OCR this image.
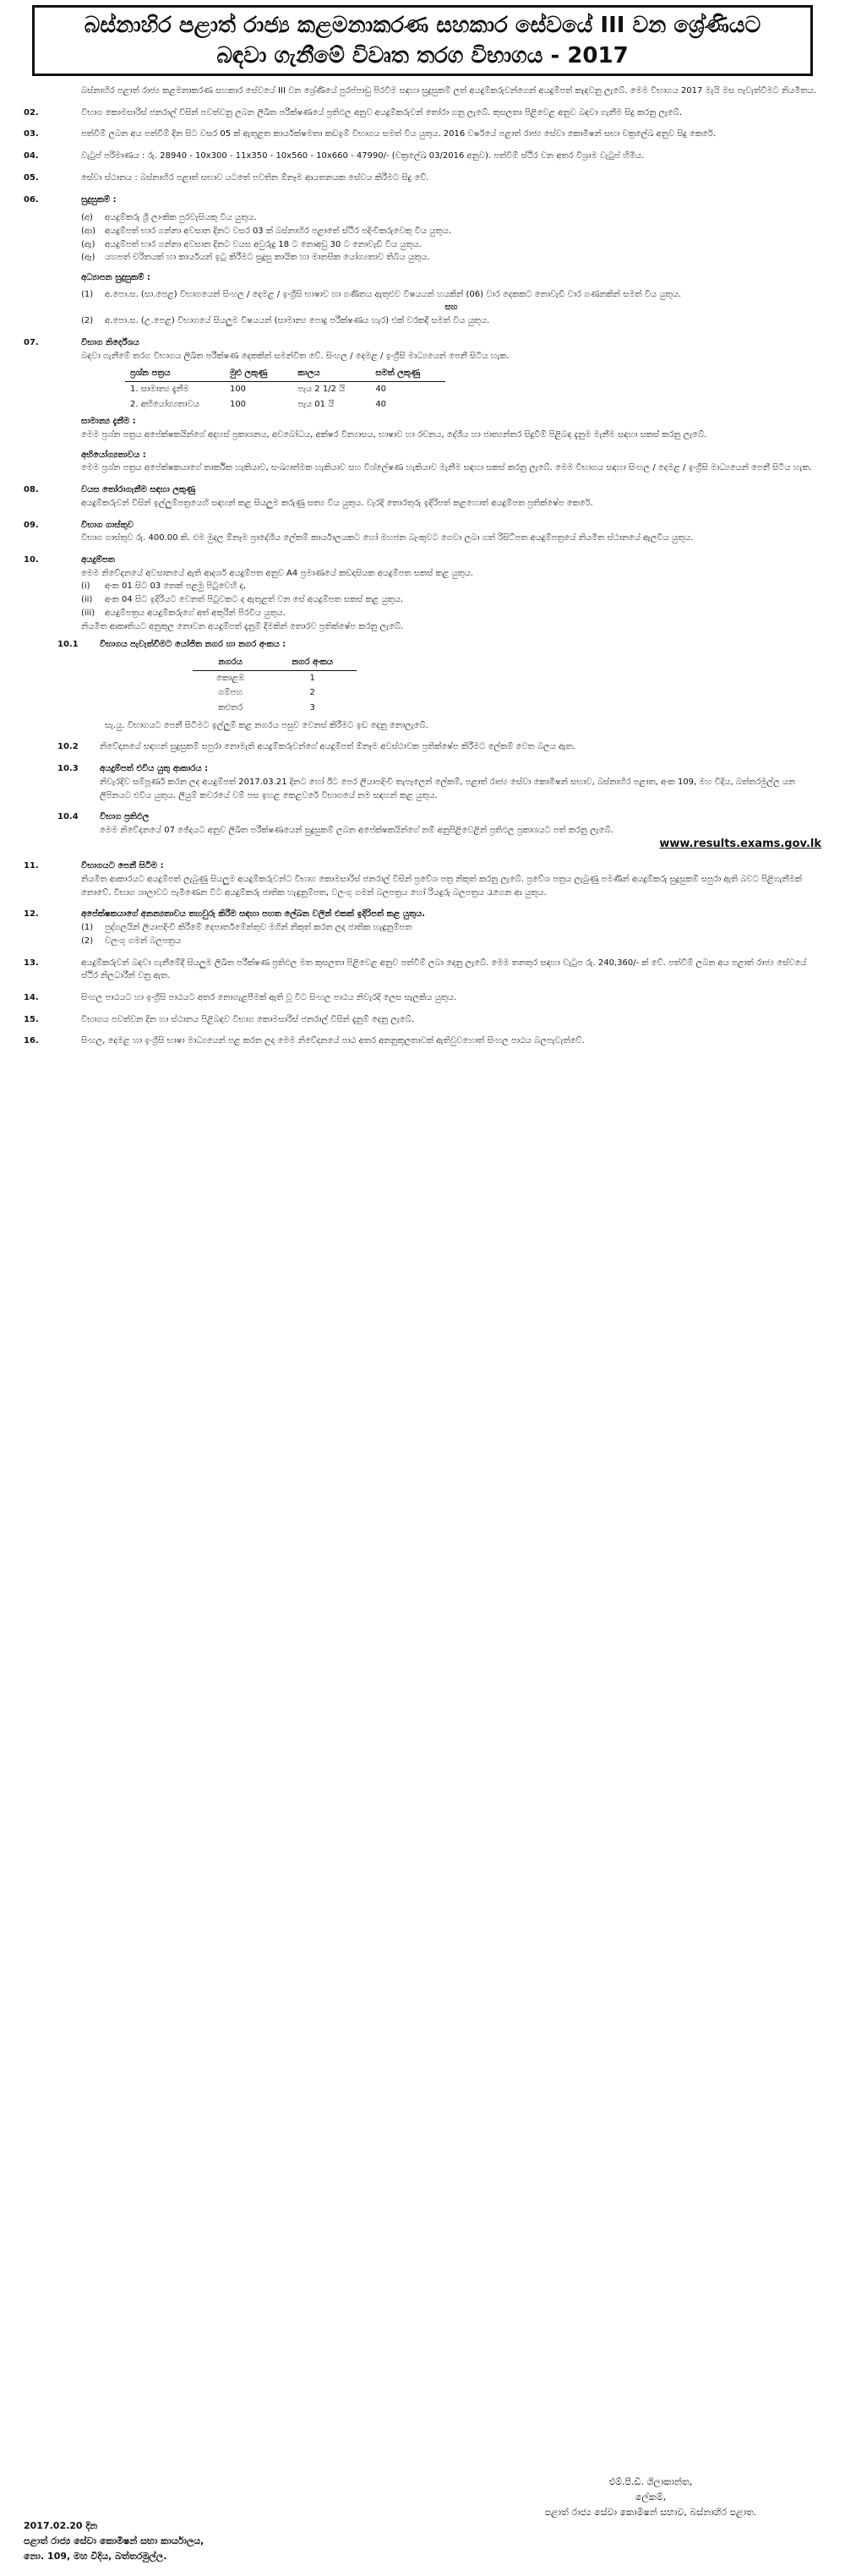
බස්නාහිර පළාත් රාජ්‍ය කළමනාකරණ සහකාර සේවයේ III වන ශ්‍රේණියට
බඳවා ගැනීමේ විවෘත තරග විභාගය - 2017

බස්නාහිර පළාත් රාජ්‍ය කළමනාකරණ සහකාර සේවයේ III වන ශ්‍රේණියේ පුරප්පාඩු පිරවීම සඳහා සුදුසුකම් ලත් අයදුම්කරුවන්ගෙන් අයදුම්පත් කැඳවනු ලැබේ. මෙම විභාගය 2017 මැයි මස පැවැත්වීමට නියමිතය.

02.	විභාග කොමසාරිස් ජනරාල් විසින් පවත්වනු ලබන ලිඛිත පරීක්ෂණයේ ප්‍රතිඵල අනුව අයදුම්කරුවන් තෝරා ගනු ලැබේ. කුසලතා පිළිවෙළ අනුව බඳවා ගැනීම සිදු කරනු ලැබේ.

03.	පත්වීම් ලබන අය පත්වීම් දින සිට වසර 05 ක් ඇතුළත කාර්යක්ෂමතා කඩඉම් විභාගය සමත් විය යුතුය. 2016 වර්ෂයේ පළාත් රාජ්‍ය සේවා කොමිෂන් සභා චක්‍රලේඛ අනුව සිදු කෙරේ.

04.	වැටුප් පරිමාණය : රු. 28940 - 10x300 - 11x350 - 10x560 - 10x660 - 47990/- (චක්‍රලේඛ 03/2016 අනුව). පත්වීම් ස්ථිර වන අතර විශ්‍රාම වැටුප් හිමිය.

05.	සේවා ස්ථානය : බස්නාහිර පළාත් සභාව යටතේ පවතින ඕනෑම ආයතනයක සේවය කිරීමට සිදු වේ.

06.	සුදුසුකම් :

(අ)	අයදුම්කරු ශ්‍රී ලාංකික පුරවැසියකු විය යුතුය.
(ආ)	අයදුම්පත් භාර ගන්නා අවසාන දිනට වසර 03 ක් බස්නාහිර පළාතේ ස්ථිර පදිංචිකරුවෙකු විය යුතුය.
(ඇ)	අයදුම්පත් භාර ගන්නා අවසාන දිනට වයස අවුරුදු 18 ට නොඅඩු 30 ට නොවැඩි විය යුතුය.
(ඈ)	යහපත් චරිතයක් හා කාර්යයන් ඉටු කිරීමට සුදුසු කායික හා මානසික යෝග්‍යතාව තිබිය යුතුය.

අධ්‍යාපන සුදුසුකම් :

(1)	අ.පො.ස. (සා.පෙළ) විභාගයෙන් සිංහල / දෙමළ / ඉංග්‍රීසි භාෂාව හා ගණිතය ඇතුළුව විෂයයන් හයකින් (06) වාර දෙකකට නොවැඩි වාර ගණනකින් සමත් විය යුතුය.
සහ
(2)	අ.පො.ස. (උ.පෙළ) විභාගයේ සියලුම විෂයයන් (සාමාන්‍ය පොදු පරීක්ෂණය හැර) එක් වරකදී සමත් විය යුතුය.
07.	විභාග නිර්දේශය

බඳවා ගැනීමේ තරග විභාගය ලිඛිත පරීක්ෂණ දෙකකින් සමන්විත වේ. සිංහල / දෙමළ / ඉංග්‍රීසි මාධ්‍යයෙන් පෙනී සිටිය හැක.

ප්‍රශ්න පත්‍රය	මුළු ලකුණු	කාලය	සමත් ලකුණු
1. සාමාන්‍ය දැනීම	100	පැය 2 1/2 යි	40
2. අභියෝග්‍යතාවය	100	පැය 01 යි	40

සාමාන්‍ය දැනීම :

මෙම ප්‍රශ්න පත්‍රය අපේක්ෂකයින්ගේ අදහස් ප්‍රකාශනය, අවබෝධය, අක්ෂර වින්‍යාසය, භාෂාව හා රචනය, දේශීය හා ජාත්‍යන්තර සිදුවීම් පිළිබඳ දැනුම මැනීම සඳහා සකස් කරනු ලැබේ.

අභියෝග්‍යතාවය :

මෙම ප්‍රශ්න පත්‍රය අපේක්ෂකයාගේ තාර්කික හැකියාව, සංඛ්‍යාත්මක හැකියාව සහ විශ්ලේෂණ හැකියාව මැනීම සඳහා සකස් කරනු ලැබේ. මෙම විභාගය සඳහා සිංහල / දෙමළ / ඉංග්‍රීසි මාධ්‍යයෙන් පෙනී සිටිය හැක.

08.	වයස තෝරාගැනීම සඳහා ලකුණු

අයදුම්කරුවන් විසින් ඉල්ලුම්පත්‍රයෙහි සඳහන් කළ සියලුම කරුණු සත්‍ය විය යුතුය. වැරදි තොරතුරු ඉදිරිපත් කළහොත් අයදුම්පත ප්‍රතික්ෂේප කෙරේ.

09.	විභාග ගාස්තුව

විභාග ගාස්තුව රු. 400.00 කි. එම මුදල ඕනෑම ප්‍රාදේශීය ලේකම් කාර්යාලයකට හෝ මහජන බැංකුවට ගෙවා ලබා ගත් රිසිට්පත අයදුම්පත්‍රයේ නියමිත ස්ථානයේ ඇලවිය යුතුය.

10.	අයදුම්පත

මෙම නිවේදනයේ අවසානයේ ඇති ආදර්ශ අයදුම්පත අනුව A4 ප්‍රමාණයේ කඩදාසියක අයදුම්පත සකස් කළ යුතුය.

(i)	අංක 01 සිට 03 තෙක් පළමු පිටුවෙහි ද,
(ii)	අංක 04 සිට ඉදිරියට වෙනත් පිටුවකට ද ඇතුළත් වන සේ අයදුම්පත සකස් කළ යුතුය.
(iii)	අයදුම්පත්‍රය අයදුම්කරුගේ අත් අකුරින් පිරවිය යුතුය.

නියමිත ආකෘතියට අනුකූල නොවන අයදුම්පත් දැනුම් දීමකින් තොරව ප්‍රතික්ෂේප කරනු ලැබේ.

10.1	විභාගය පැවැත්වීමට යෝජිත නගර හා නගර අංකය :

නගරය	නගර අංකය
කොළඹ	1
ගම්පහ	2
කළුතර	3

සැ.යු. විභාගයට පෙනී සිටීමට ඉල්ලුම් කළ නගරය පසුව වෙනස් කිරීමට ඉඩ දෙනු නොලැබේ.

10.2	නිවේදනයේ සඳහන් සුදුසුකම් සපුරා නොමැති අයදුම්කරුවන්ගේ අයදුම්පත් ඕනෑම අවස්ථාවක ප්‍රතික්ෂේප කිරීමට ලේකම් වෙත බලය ඇත.

10.3	අයදුම්පත් එවිය යුතු ආකාරය :

නිවැරදිව සම්පූර්ණ කරන ලද අයදුම්පත් 2017.03.21 දිනට හෝ ඊට පෙර ලියාපදිංචි තැපෑලෙන් ලේකම්, පළාත් රාජ්‍ය සේවා කොමිෂන් සභාව, බස්නාහිර පළාත, අංක 109, මහ වීදිය, බත්තරමුල්ල යන ලිපිනයට එවිය යුතුය. ලියුම් කවරයේ වම් පස ඉහළ කෙළවරේ විභාගයේ නම සඳහන් කළ යුතුය.

10.4	විභාග ප්‍රතිඵල

මෙම නිවේදනයේ 07 ඡේදයට අනුව ලිඛිත පරීක්ෂණයෙන් සුදුසුකම් ලබන අපේක්ෂකයින්ගේ නම් අනුපිළිවෙළින් ප්‍රතිඵල ප්‍රකාශයට පත් කරනු ලැබේ.

www.results.exams.gov.lk

11.	විභාගයට පෙනී සිටීම :

නියමිත ආකාරයට අයදුම්පත් ලැබුණු සියලුම අයදුම්කරුවන්ට විභාග කොමසාරිස් ජනරාල් විසින් ප්‍රවේශ පත්‍ර නිකුත් කරනු ලැබේ. ප්‍රවේශ පත්‍රය ලැබුණු පමණින් අයදුම්කරු සුදුසුකම් සපුරා ඇති බවට පිළිගැනීමක් නොවේ. විභාග ශාලාවට පැමිණෙන විට අයදුම්කරු ජාතික හැඳුනුම්පත, වලංගු ගමන් බලපත්‍රය හෝ රියදුරු බලපත්‍රය රැගෙන ආ යුතුය.

12.	අපේක්ෂකයාගේ අනන්‍යතාවය තහවුරු කිරීම සඳහා පහත ලේඛන වලින් එකක් ඉදිරිපත් කළ යුතුය.

(1)	පුද්ගලයින් ලියාපදිංචි කිරීමේ දෙපාර්තමේන්තුව මගින් නිකුත් කරන ලද ජාතික හැඳුනුම්පත
(2)	වලංගු ගමන් බලපත්‍රය
13.	අයදුම්කරුවන් බඳවා ගැනීමේදී සියලුම ලිඛිත පරීක්ෂණ ප්‍රතිඵල මත කුසලතා පිළිවෙළ අනුව පත්වීම් ලබා දෙනු ලැබේ. මෙම තනතුර සඳහා වැටුප රු. 240,360/- ක් වේ. පත්වීම් ලබන අය පළාත් රාජ්‍ය සේවයේ ස්ථිර නිලධාරීන් වනු ඇත.

14.	සිංහල පාඨයට හා ඉංග්‍රීසි පාඨයට අතර නොගැළපීමක් ඇති වූ විට සිංහල පාඨය නිවැරදි ලෙස සැලකිය යුතුය.

15.	විභාගය පවත්වන දින හා ස්ථානය පිළිබඳව විභාග කොමසාරිස් ජනරාල් විසින් දැනුම් දෙනු ලැබේ.

16.	සිංහල, දෙමළ හා ඉංග්‍රීසි භාෂා මාධ්‍යයෙන් පළ කරන ලද මෙම නිවේදනයේ පාඨ අතර අනනුකූලතාවක් ඇතිවුවහොත් සිංහල පාඨය බලපැවැත්වේ.

එම්.පී.ඩී. ශිලාකාන්ත,
ලේකම්,
පළාත් රාජ්‍ය සේවා කොමිෂන් සභාව, බස්නාහිර පළාත.
2017.02.20 දින
පළාත් රාජ්‍ය සේවා කොමිෂන් සභා කාර්යාලය,
නො. 109, මහ වීදිය, බත්තරමුල්ල.
